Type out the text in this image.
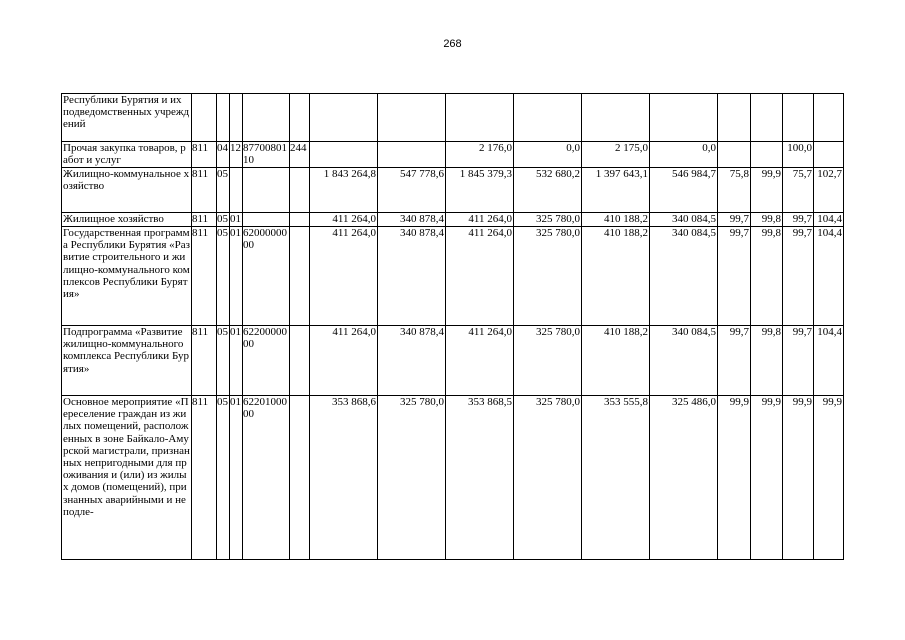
268
Республики Бурятия и их подведомственных учреждений															
Прочая закупка товаров, работ и услуг	811	04	12	8770080110	244			2 176,0	0,0	2 175,0	0,0			100,0	
Жилищно-коммунальное хозяйство	811	05				1 843 264,8	547 778,6	1 845 379,3	532 680,2	1 397 643,1	546 984,7	75,8	99,9	75,7	102,7
Жилищное хозяйство	811	05	01			411 264,0	340 878,4	411 264,0	325 780,0	410 188,2	340 084,5	99,7	99,8	99,7	104,4
Государственная программа Республики Бурятия «Развитие строительного и жилищно-коммунального комплексов Республики Бурятия»	811	05	01	6200000000		411 264,0	340 878,4	411 264,0	325 780,0	410 188,2	340 084,5	99,7	99,8	99,7	104,4
Подпрограмма «Развитие жилищно-коммунального комплекса Республики Бурятия»	811	05	01	6220000000		411 264,0	340 878,4	411 264,0	325 780,0	410 188,2	340 084,5	99,7	99,8	99,7	104,4
Основное мероприятие «Переселение граждан из жилых помещений, расположенных в зоне Байкало-Амурской магистрали, признанных непригодными для проживания и (или) из жилых домов (помещений), признанных аварийными и не подле-	811	05	01	6220100000		353 868,6	325 780,0	353 868,5	325 780,0	353 555,8	325 486,0	99,9	99,9	99,9	99,9
